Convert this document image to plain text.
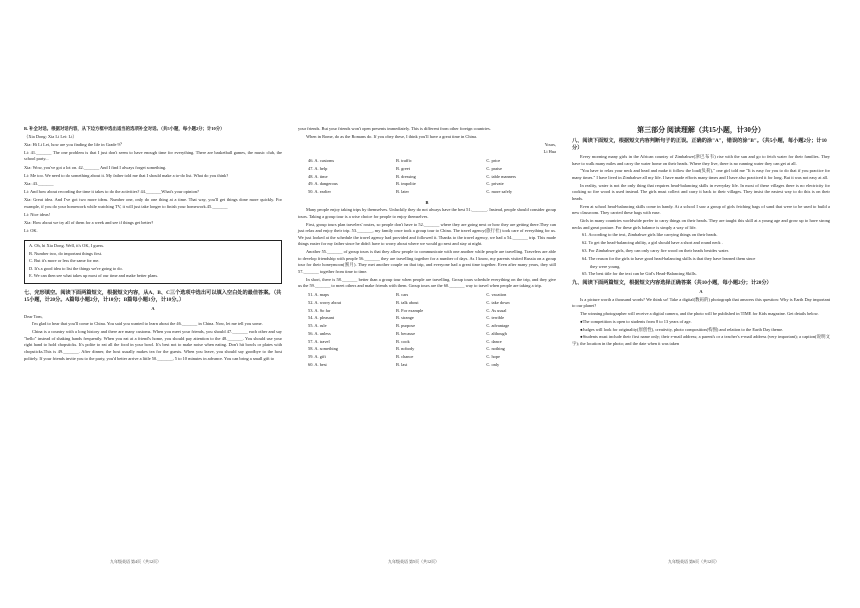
B. 补全对话。根据对话内容，从下边方框中选出适当的选项补全对话。（共5小题，每小题2分；计10分）
（Xia Dong: Xia Li Lei: Li）
Xia: Hi Li Lei, how are you finding the life in Grade 9？
Li: 41._______ The one problem is that I just don't seem to have enough time for everything. There are basketball games, the music club, the school party...
Xia: Wow, you've got a lot on. 42._______ And I find I always forget something.
Li: Me too. We need to do something about it. My father told me that I should make a to-do list. What do you think?
Xia: 43._______
Li: And how about recording the time it takes to do the activities? 44._______What's your opinion?
Xia: Great idea. And I've got two more ideas. Number one, only do one thing at a time. That way, you'll get things done more quickly. For example, if you do your homework while watching TV, it will just take longer to finish your homework.45._______
Li: Nice ideas!
Xia: How about we try all of them for a week and see if things get better?
Li: OK.
A. Oh, hi Xia Dong. Well, it's OK, I guess.
B. Number two, do important things first.
C. But it's more or less the same for me.
D. It's a good idea to list the things we're going to do.
E. We can then see what takes up most of our time and make better plans.
七、完形填空。阅读下面两篇短文，根据短文内容，从A、B、C三个选项中选出可以填入空白处的最佳答案。（共15小题，计20分。A篇每小题2分，计10分；B篇每小题1分，计10分。）
A
Dear Tom,
I'm glad to hear that you'll come to China. You said you wanted to learn about the 46._______ in China. Now, let me tell you some.
China is a country with a long history and there are many customs. When you meet your friends, you should 47._______ each other and say "hello" instead of shaking hands frequently. When you eat at a friend's home, you should pay attention to the 48._______. You should use your right hand to hold chopsticks. It's polite to eat all the food in your bowl. It's best not to make noise when eating. Don't hit bowls or plates with chopsticks.This is 49._______. After dinner, the host usually makes tea for the guests. When you leave, you should say goodbye to the host politely. If your friends invite you to the party, you'd better arrive a little 50._______, 5 to 10 minutes in advance. You can bring a small gift to
your friends. But your friends won't open presents immediately. This is different from other foreign countries.
When in Rome, do as the Romans do. If you obey these, I think you'll have a great time in China.
Yours,
Li Hua
46. A. customs	B. traffic	C. price
47. A. help	B. greet	C. praise
48. A. time	B. dressing	C. table manners
49. A. dangerous	B. impolite	C. private
50. A. earlier	B. later	C. more safely
B
Many people enjoy taking trips by themselves. Unluckily they do not always have the best 51._______. Instead, people should consider group tours. Taking a group tour is a wise choice for people to enjoy themselves.
First, group tours plan travelers' routes, so people don't have to 52._______ where they are going next or how they are getting there.They can just relax and enjoy their trip. 53._______, my family once took a group tour to China. The travel agency(旅行社) took care of everything for us. We just looked at the schedule the travel agency had provided and followed it. Thanks to the travel agency, we had a 54._______ trip. This made things easier for my father since he didn't have to worry about where we would go next and stay at night.
Another 55._______ of group tours is that they allow people to communicate with one another while people are travelling. Travelers are able to develop friendship with people 56._______ they are travelling together for a number of days. As I know, my parents visited Russia on a group tour for their honeymoon(蜜月). They met another couple on that trip, and everyone had a great time together. Even after many years, they still 57._______ together from time to time.
In short, there is 58._______ better than a group tour when people are travelling. Group tours schedule everything on the trip, and they give us the 59._______ to meet others and make friends with them. Group tours are the 60._______ way to travel when people are taking a trip.
51. A. maps	B. cars	C. vacation
52. A. worry about	B. talk about	C. take down
53. A. So far	B. For example	C. As usual
54. A. pleasant	B. strange	C. terrible
55. A. rule	B. purpose	C. advantage
56. A. unless	B. because	C. although
57. A. travel	B. cook	C. dance
58. A. something	B. nobody	C. nothing
59. A. gift	B. chance	C. hope
60. A. best	B. last	C. only
第三部分 阅读理解（共15小题，计30分）
八、阅读下面短文，根据短文内容判断句子的正误。正确的涂"A"，错误的涂"B"。（共5小题，每小题2分；计10分）
Every morning many girls in the African country of Zimbabwe(津巴布韦) rise with the sun and go to fetch water for their families. They have to walk many miles and carry the water home on their heads. Where they live, there is no running water they can get at all.
"You have to relax your neck and head and make it follow the load(负荷)," one girl told me "It is easy for you to do that if you practice for many times." I have lived in Zimbabwe all my life. I have made efforts many times and I have also practiced it for long. But it was not easy at all.
In reality, water is not the only thing that requires head-balancing skills in everyday life. In most of these villages there is no electricity for cooking so fire wood is used instead. The girls must collect and carry it back to their villages. They insist the easiest way to do this is on their heads.
Even at school head-balancing skills come in handy. At a school I saw a group of girls fetching bags of sand that were to be used to build a new classroom. They carried these bags with ease.
Girls in many countries worldwide prefer to carry things on their heads. They are taught this skill at a young age and grow up to have strong necks and great posture. For these girls balance is simply a way of life.
61. According to the text, Zimbabwe girls like carrying things on their heads.
62. To get the head-balancing ability, a girl should have a short and round neck .
63. For Zimbabwe girls, they can only carry fire wood on their heads besides water.
64. The reason for the girls to have good head-balancing skills is that they have learned them since
they were young.
65. The best title for the text can be Girl's Head-Balancing Skills.
九、阅读下面两篇短文，根据短文内容选择正确答案（共10小题，每小题2分；计20分）
A
Is a picture worth a thousand words? We think so! Take a digital(数码的) photograph that answers this question: Why is Earth Day important to our planet?
The winning photographer will receive a digital camera, and the photo will be published in TIME for Kids magazine. Get details below.
●The competition is open to students from 8 to 13 years of age.
●Judges will look for originality(原创性), creativity, photo composition(构图) and relation to the Earth Day theme.
●Students must include their first name only; their e-mail address; a parent's or a teacher's e-mail address (very important); a caption(说明文字); the location in the photo; and the date when it was taken
九年级英语 第4页（共12页）	九年级英语 第5页（共12页）	九年级英语 第6页（共12页）
